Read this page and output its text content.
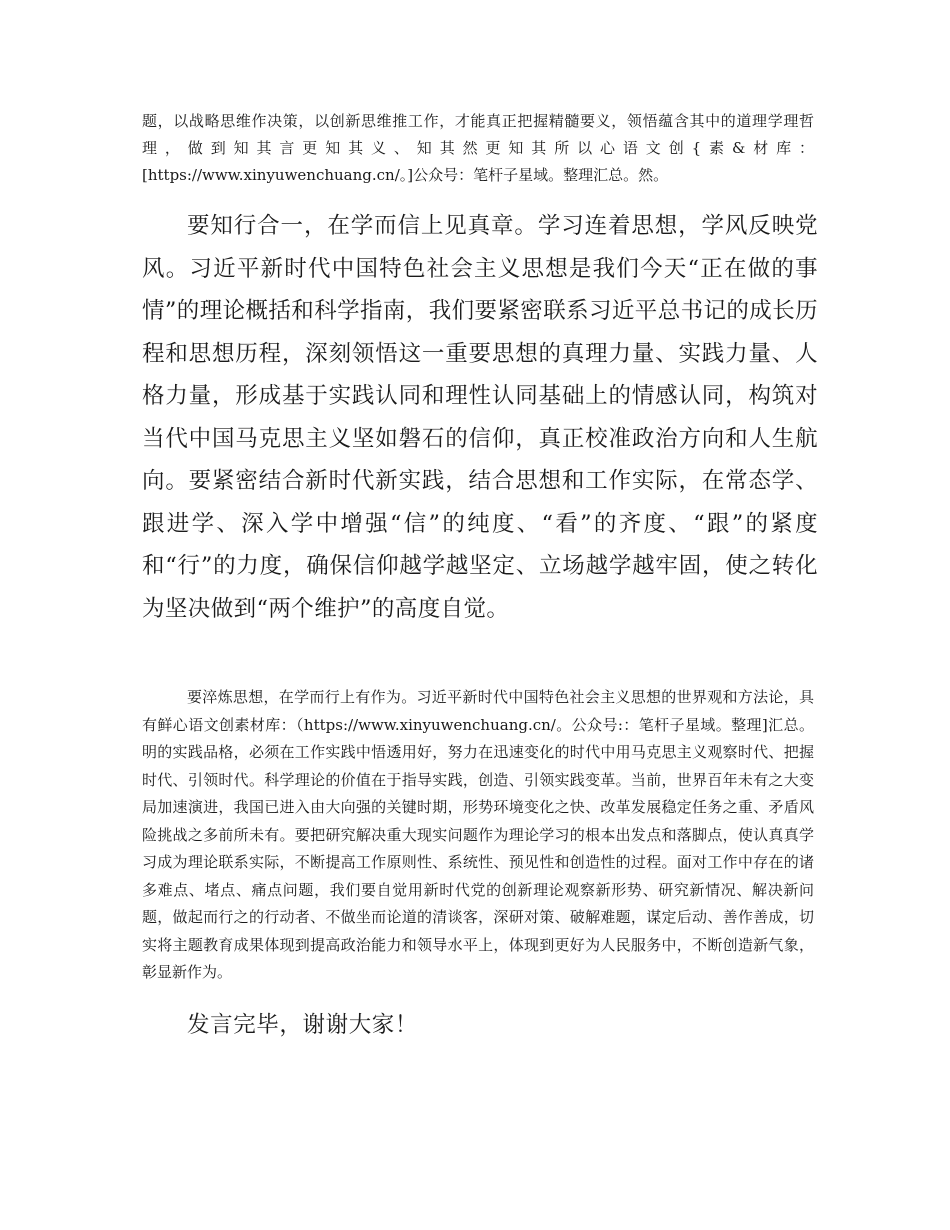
题，以战略思维作决策，以创新思维推工作，才能真正把握精髓要义，领悟蕴含其中的道理学理哲理，做到知其言更知其义、知其然更知其所以心语文创{素&材库：[https://www.xinyuwenchuang.cn/。]公众号：笔杆子星域。整理汇总。然。

要知行合一，在学而信上见真章。学习连着思想，学风反映党风。习近平新时代中国特色社会主义思想是我们今天“正在做的事情”的理论概括和科学指南，我们要紧密联系习近平总书记的成长历程和思想历程，深刻领悟这一重要思想的真理力量、实践力量、人格力量，形成基于实践认同和理性认同基础上的情感认同，构筑对当代中国马克思主义坚如磐石的信仰，真正校准政治方向和人生航向。要紧密结合新时代新实践，结合思想和工作实际，在常态学、跟进学、深入学中增强“信”的纯度、“看”的齐度、“跟”的紧度和“行”的力度，确保信仰越学越坚定、立场越学越牢固，使之转化为坚决做到“两个维护”的高度自觉。

要淬炼思想，在学而行上有作为。习近平新时代中国特色社会主义思想的世界观和方法论，具有鲜心语文创素材库：（https://www.xinyuwenchuang.cn/。公众号:：笔杆子星域。整理]汇总。明的实践品格，必须在工作实践中悟透用好，努力在迅速变化的时代中用马克思主义观察时代、把握时代、引领时代。科学理论的价值在于指导实践，创造、引领实践变革。当前，世界百年未有之大变局加速演进，我国已进入由大向强的关键时期，形势环境变化之快、改革发展稳定任务之重、矛盾风险挑战之多前所未有。要把研究解决重大现实问题作为理论学习的根本出发点和落脚点，使认真真学习成为理论联系实际，不断提高工作原则性、系统性、预见性和创造性的过程。面对工作中存在的诸多难点、堵点、痛点问题，我们要自觉用新时代党的创新理论观察新形势、研究新情况、解决新问题，做起而行之的行动者、不做坐而论道的清谈客，深研对策、破解难题，谋定后动、善作善成，切实将主题教育成果体现到提高政治能力和领导水平上，体现到更好为人民服务中，不断创造新气象，彰显新作为。

发言完毕，谢谢大家！
